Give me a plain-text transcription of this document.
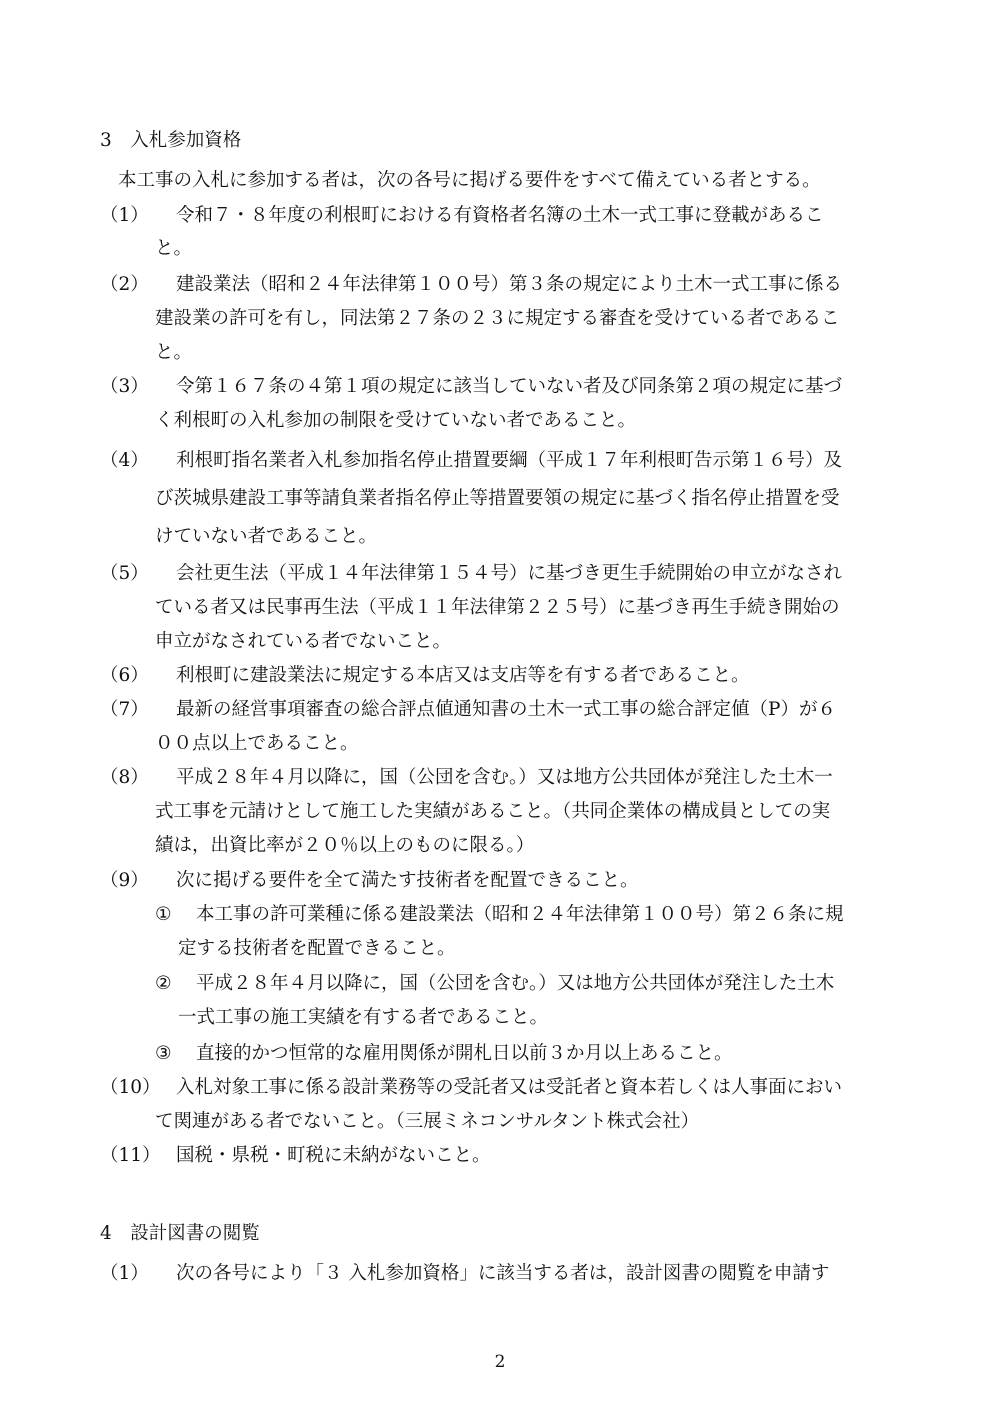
3　入札参加資格
本工事の入札に参加する者は，次の各号に掲げる要件をすべて備えている者とする。
（1） 令和７・８年度の利根町における有資格者名簿の土木一式工事に登載があるこ
と。
（2） 建設業法（昭和２４年法律第１００号）第３条の規定により土木一式工事に係る
建設業の許可を有し，同法第２７条の２３に規定する審査を受けている者であるこ
と。
（3） 令第１６７条の４第１項の規定に該当していない者及び同条第２項の規定に基づ
く利根町の入札参加の制限を受けていない者であること。
（4） 利根町指名業者入札参加指名停止措置要綱（平成１７年利根町告示第１６号）及
び茨城県建設工事等請負業者指名停止等措置要領の規定に基づく指名停止措置を受
けていない者であること。
（5） 会社更生法（平成１４年法律第１５４号）に基づき更生手続開始の申立がなされ
ている者又は民事再生法（平成１１年法律第２２５号）に基づき再生手続き開始の
申立がなされている者でないこと。
（6） 利根町に建設業法に規定する本店又は支店等を有する者であること。
（7） 最新の経営事項審査の総合評点値通知書の土木一式工事の総合評定値（P）が６
００点以上であること。
（8） 平成２８年４月以降に，国（公団を含む。）又は地方公共団体が発注した土木一
式工事を元請けとして施工した実績があること。（共同企業体の構成員としての実
績は，出資比率が２０％以上のものに限る。）
（9） 次に掲げる要件を全て満たす技術者を配置できること。
① 本工事の許可業種に係る建設業法（昭和２４年法律第１００号）第２６条に規
定する技術者を配置できること。
② 平成２８年４月以降に，国（公団を含む。）又は地方公共団体が発注した土木
一式工事の施工実績を有する者であること。
③ 直接的かつ恒常的な雇用関係が開札日以前３か月以上あること。
（10） 入札対象工事に係る設計業務等の受託者又は受託者と資本若しくは人事面におい
て関連がある者でないこと。（三展ミネコンサルタント株式会社）
（11） 国税・県税・町税に未納がないこと。
4　設計図書の閲覧
（1） 次の各号により「３ 入札参加資格」に該当する者は，設計図書の閲覧を申請す
2
